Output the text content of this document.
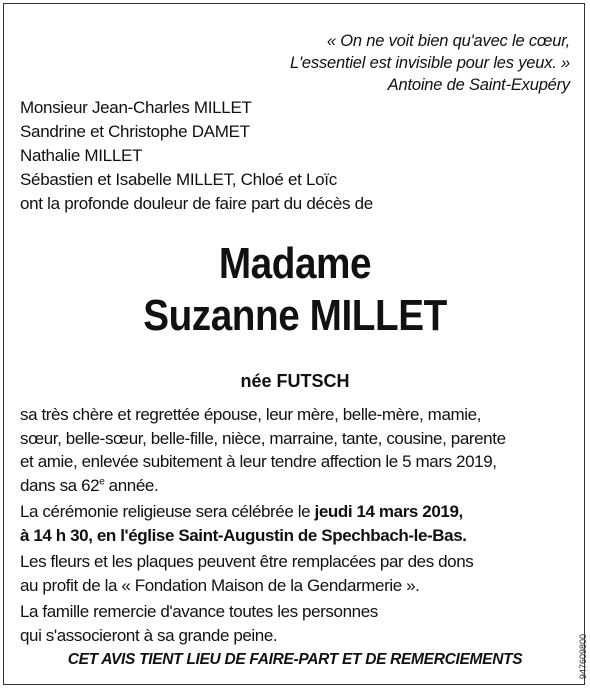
« On ne voit bien qu'avec le cœur,
L'essentiel est invisible pour les yeux. »
Antoine de Saint-Exupéry
Monsieur Jean-Charles MILLET
Sandrine et Christophe DAMET
Nathalie MILLET
Sébastien et Isabelle MILLET, Chloé et Loïc
ont la profonde douleur de faire part du décès de
Madame
Suzanne MILLET
née FUTSCH
sa très chère et regrettée épouse, leur mère, belle-mère, mamie,
sœur, belle-sœur, belle-fille, nièce, marraine, tante, cousine, parente
et amie, enlevée subitement à leur tendre affection le 5 mars 2019,
dans sa 62e année.
La cérémonie religieuse sera célébrée le jeudi 14 mars 2019,
à 14 h 30, en l'église Saint-Augustin de Spechbach-le-Bas.
Les fleurs et les plaques peuvent être remplacées par des dons
au profit de la « Fondation Maison de la Gendarmerie ».
La famille remercie d'avance toutes les personnes
qui s'associeront à sa grande peine.
CET AVIS TIENT LIEU DE FAIRE-PART ET DE REMERCIEMENTS	947609800
